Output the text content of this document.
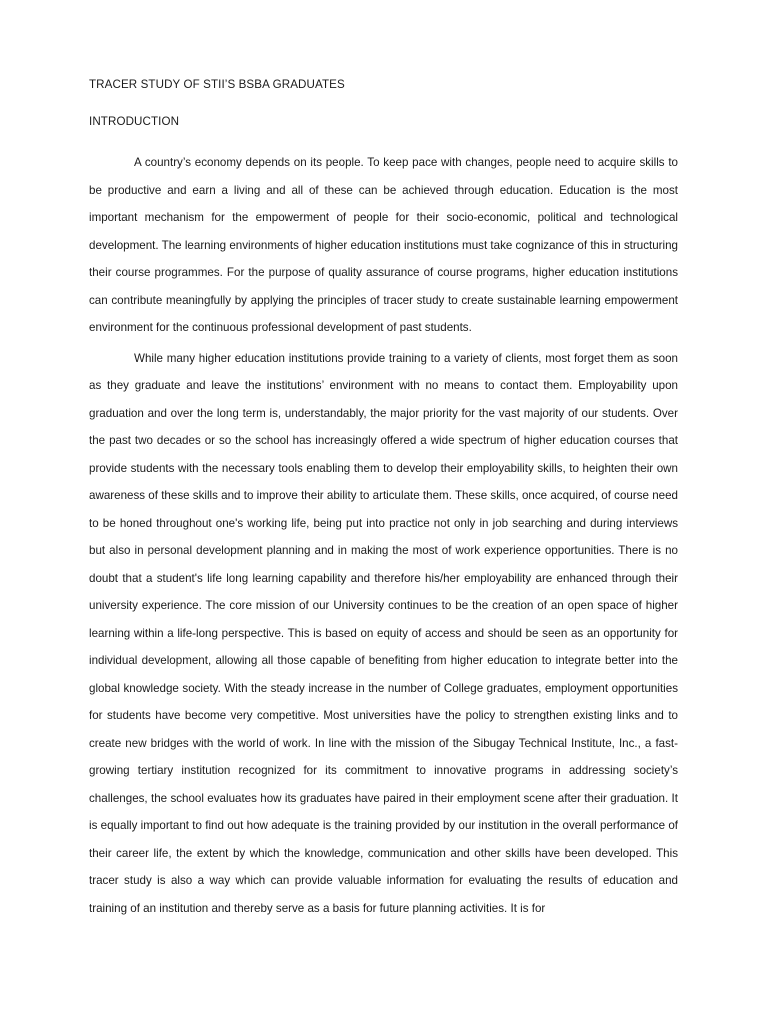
TRACER STUDY OF STII’S BSBA GRADUATES
INTRODUCTION

A country’s economy depends on its people. To keep pace with changes, people need to acquire skills to be productive and earn a living and all of these can be achieved through education. Education is the most important mechanism for the empowerment of people for their socio-economic, political and technological development. The learning environments of higher education institutions must take cognizance of this in structuring their course programmes. For the purpose of quality assurance of course programs, higher education institutions can contribute meaningfully by applying the principles of tracer study to create sustainable learning empowerment environment for the continuous professional development of past students.

While many higher education institutions provide training to a variety of clients, most forget them as soon as they graduate and leave the institutions’ environment with no means to contact them. Employability upon graduation and over the long term is, understandably, the major priority for the vast majority of our students. Over the past two decades or so the school has increasingly offered a wide spectrum of higher education courses that provide students with the necessary tools enabling them to develop their employability skills, to heighten their own awareness of these skills and to improve their ability to articulate them. These skills, once acquired, of course need to be honed throughout one's working life, being put into practice not only in job searching and during interviews but also in personal development planning and in making the most of work experience opportunities. There is no doubt that a student's life long learning capability and therefore his/her employability are enhanced through their university experience. The core mission of our University continues to be the creation of an open space of higher learning within a life-long perspective. This is based on equity of access and should be seen as an opportunity for individual development, allowing all those capable of benefiting from higher education to integrate better into the global knowledge society. With the steady increase in the number of College graduates, employment opportunities for students have become very competitive. Most universities have the policy to strengthen existing links and to create new bridges with the world of work. In line with the mission of the Sibugay Technical Institute, Inc., a fast-growing tertiary institution recognized for its commitment to innovative programs in addressing society’s challenges, the school evaluates how its graduates have paired in their employment scene after their graduation. It is equally important to find out how adequate is the training provided by our institution in the overall performance of their career life, the extent by which the knowledge, communication and other skills have been developed. This tracer study is also a way which can provide valuable information for evaluating the results of education and training of an institution and thereby serve as a basis for future planning activities. It is for
